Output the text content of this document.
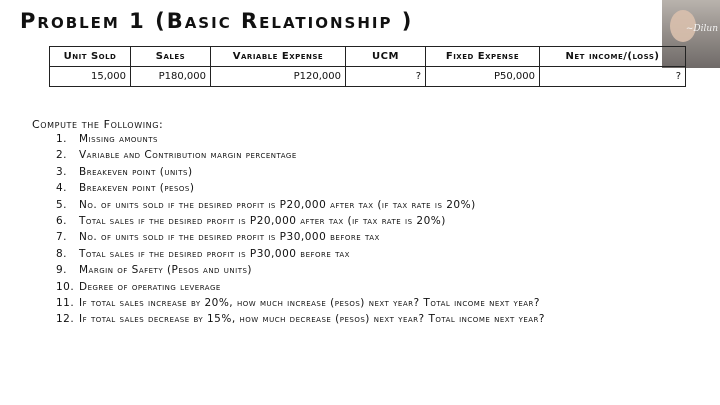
Problem 1 (Basic Relationship )	~Dilun
Unit Sold	Sales	Variable Expense	UCM	Fixed Expense	Net income/(loss)
15,000	P180,000	P120,000	?	P50,000	?
Compute the Following:
1.	Missing amounts
2.	Variable and Contribution margin percentage
3.	Breakeven point (units)
4.	Breakeven point (pesos)
5.	No. of units sold if the desired profit is P20,000 after tax (if tax rate is 20%)
6.	Total sales if the desired profit is P20,000 after tax (if tax rate is 20%)
7.	No. of units sold if the desired profit is P30,000 before tax
8.	Total sales if the desired profit is P30,000 before tax
9.	Margin of Safety (Pesos and units)
10. Degree of operating leverage
11. If total sales increase by 20%, how much increase (pesos) next year? Total income next year?
12. If total sales decrease by 15%, how much decrease (pesos) next year? Total income next year?
